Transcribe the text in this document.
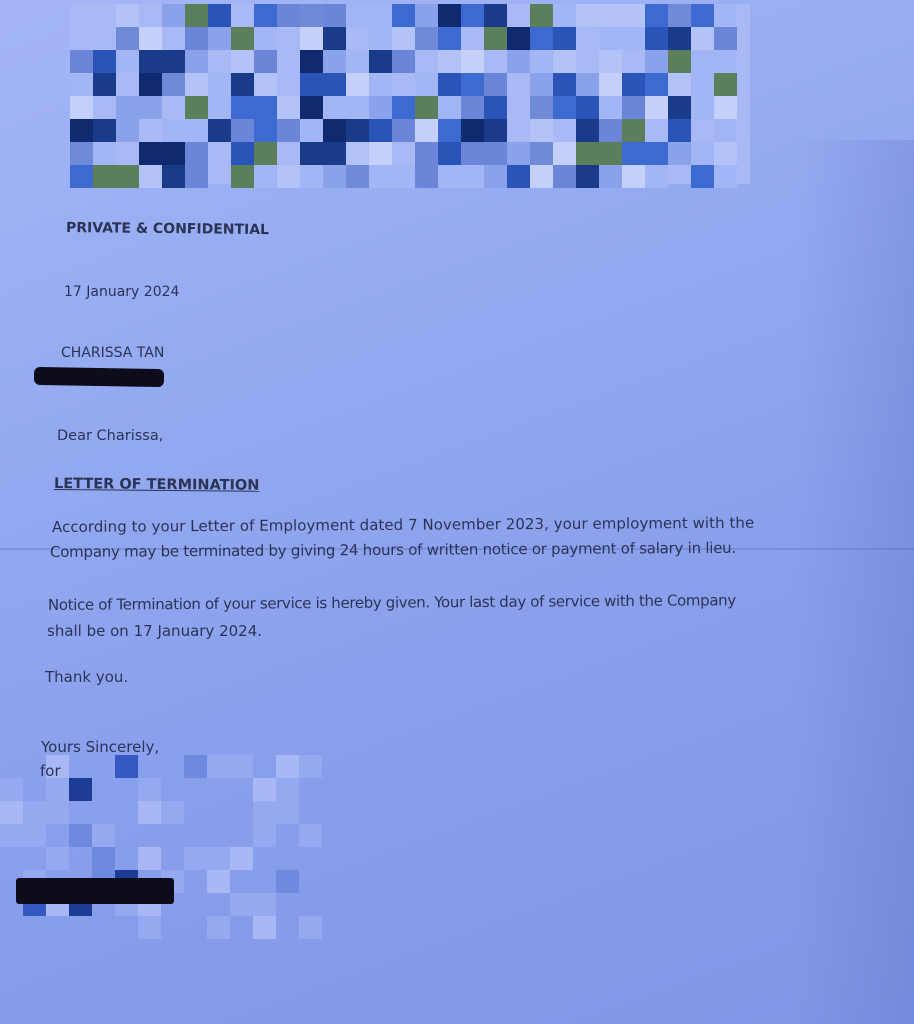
PRIVATE & CONFIDENTIAL
17 January 2024
CHARISSA TAN
Dear Charissa,
LETTER OF TERMINATION
According to your Letter of Employment dated 7 November 2023, your employment with the
Company may be terminated by giving 24 hours of written notice or payment of salary in lieu.
Notice of Termination of your service is hereby given. Your last day of service with the Company
shall be on 17 January 2024.
Thank you.
Yours Sincerely,
for
